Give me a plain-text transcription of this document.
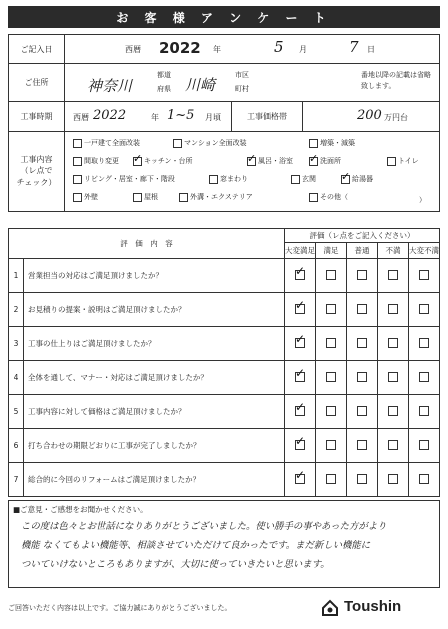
お 客 様 ア ン ケ ー ト
ご記入日	西暦 2022 年	5 月	7 日
ご住所	神奈川
都道
府県 川崎
市区
町村
番地以降の記載は省略致します。
工事時期	西暦 2022	年 1~5 月頃	工事価格帯	200 万円台
工事内容
（レ点で
チェック）
一戸建て全面改装	マンション全面改装	増築・減築
間取り変更 ✓	キッチン・台所 ✓	風呂・浴室 ✓	洗面所	トイレ
リビング・居室・廊下・階段	窓まわり	玄関 ✓	給湯器
外壁	屋根	外溝・エクステリア	その他（	）
評　価　内　容		評価（レ点をご記入ください）				
		大変満足	満足	普通	不満	大変不満
1	営業担当の対応はご満足頂けましたか？	✓				
2	お見積りの提案・説明はご満足頂けましたか？	✓				
3	工事の仕上りはご満足頂けましたか？	✓				
4	全体を通して、マナー・対応はご満足頂けましたか？	✓				
5	工事内容に対して価格はご満足頂けましたか？	✓				
6	打ち合わせの期限どおりに工事が完了しましたか？	✓				
7	総合的に今回のリフォームはご満足頂けましたか？	✓				
■ご意見・ご感想をお聞かせください。
この度は色々とお世話になりありがとうございました。使い勝手の事やあった方がより
機能 なくてもよい機能等、相談させていただけて良かったです。まだ新しい機能に
ついていけないところもありますが、大切に使っていきたいと思います。
ご回答いただく内容は以上です。ご協力誠にありがとうございました。	Toushin
